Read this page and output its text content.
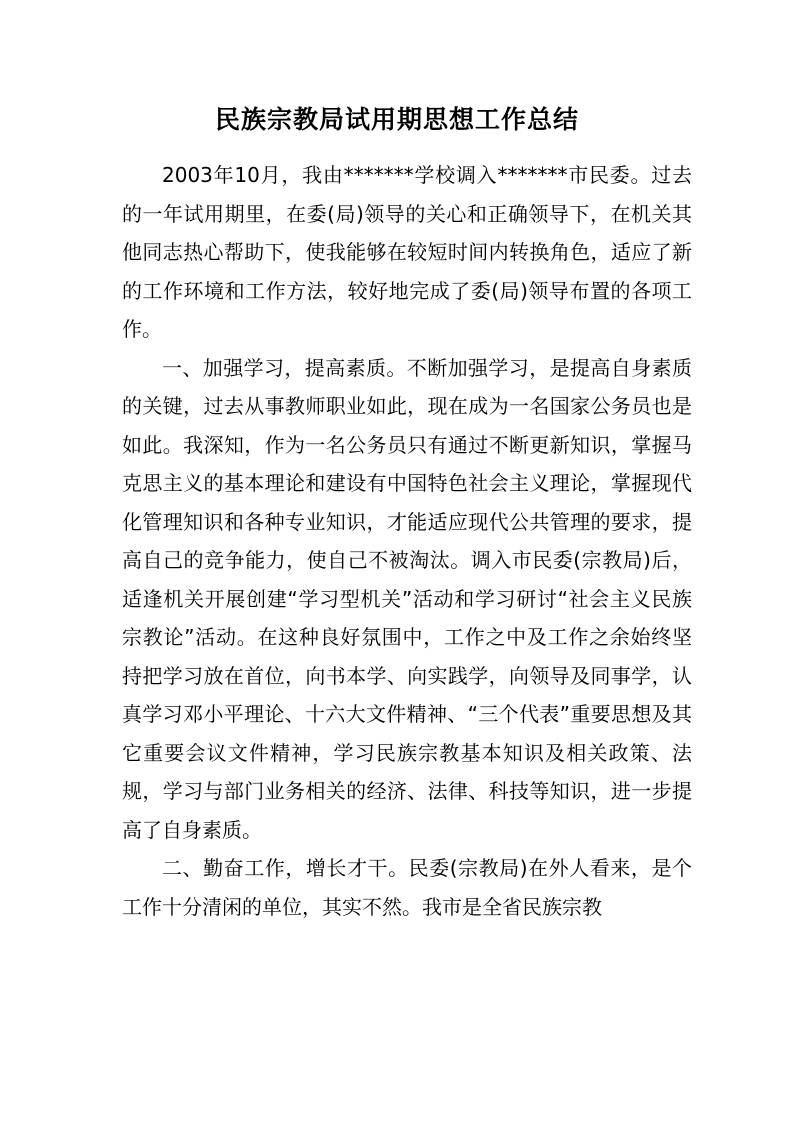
民族宗教局试用期思想工作总结

2003年10月，我由*******学校调入*******市民委。过去的一年试用期里，在委(局)领导的关心和正确领导下，在机关其他同志热心帮助下，使我能够在较短时间内转换角色，适应了新的工作环境和工作方法，较好地完成了委(局)领导布置的各项工作。

一、加强学习，提高素质。不断加强学习，是提高自身素质的关键，过去从事教师职业如此，现在成为一名国家公务员也是如此。我深知，作为一名公务员只有通过不断更新知识，掌握马克思主义的基本理论和建设有中国特色社会主义理论，掌握现代化管理知识和各种专业知识，才能适应现代公共管理的要求，提高自己的竞争能力，使自己不被淘汰。调入市民委(宗教局)后，适逢机关开展创建“学习型机关”活动和学习研讨“社会主义民族宗教论”活动。在这种良好氛围中，工作之中及工作之余始终坚持把学习放在首位，向书本学、向实践学，向领导及同事学，认真学习邓小平理论、十六大文件精神、“三个代表”重要思想及其它重要会议文件精神，学习民族宗教基本知识及相关政策、法规，学习与部门业务相关的经济、法律、科技等知识，进一步提高了自身素质。

二、勤奋工作，增长才干。民委(宗教局)在外人看来，是个工作十分清闲的单位，其实不然。我市是全省民族宗教
